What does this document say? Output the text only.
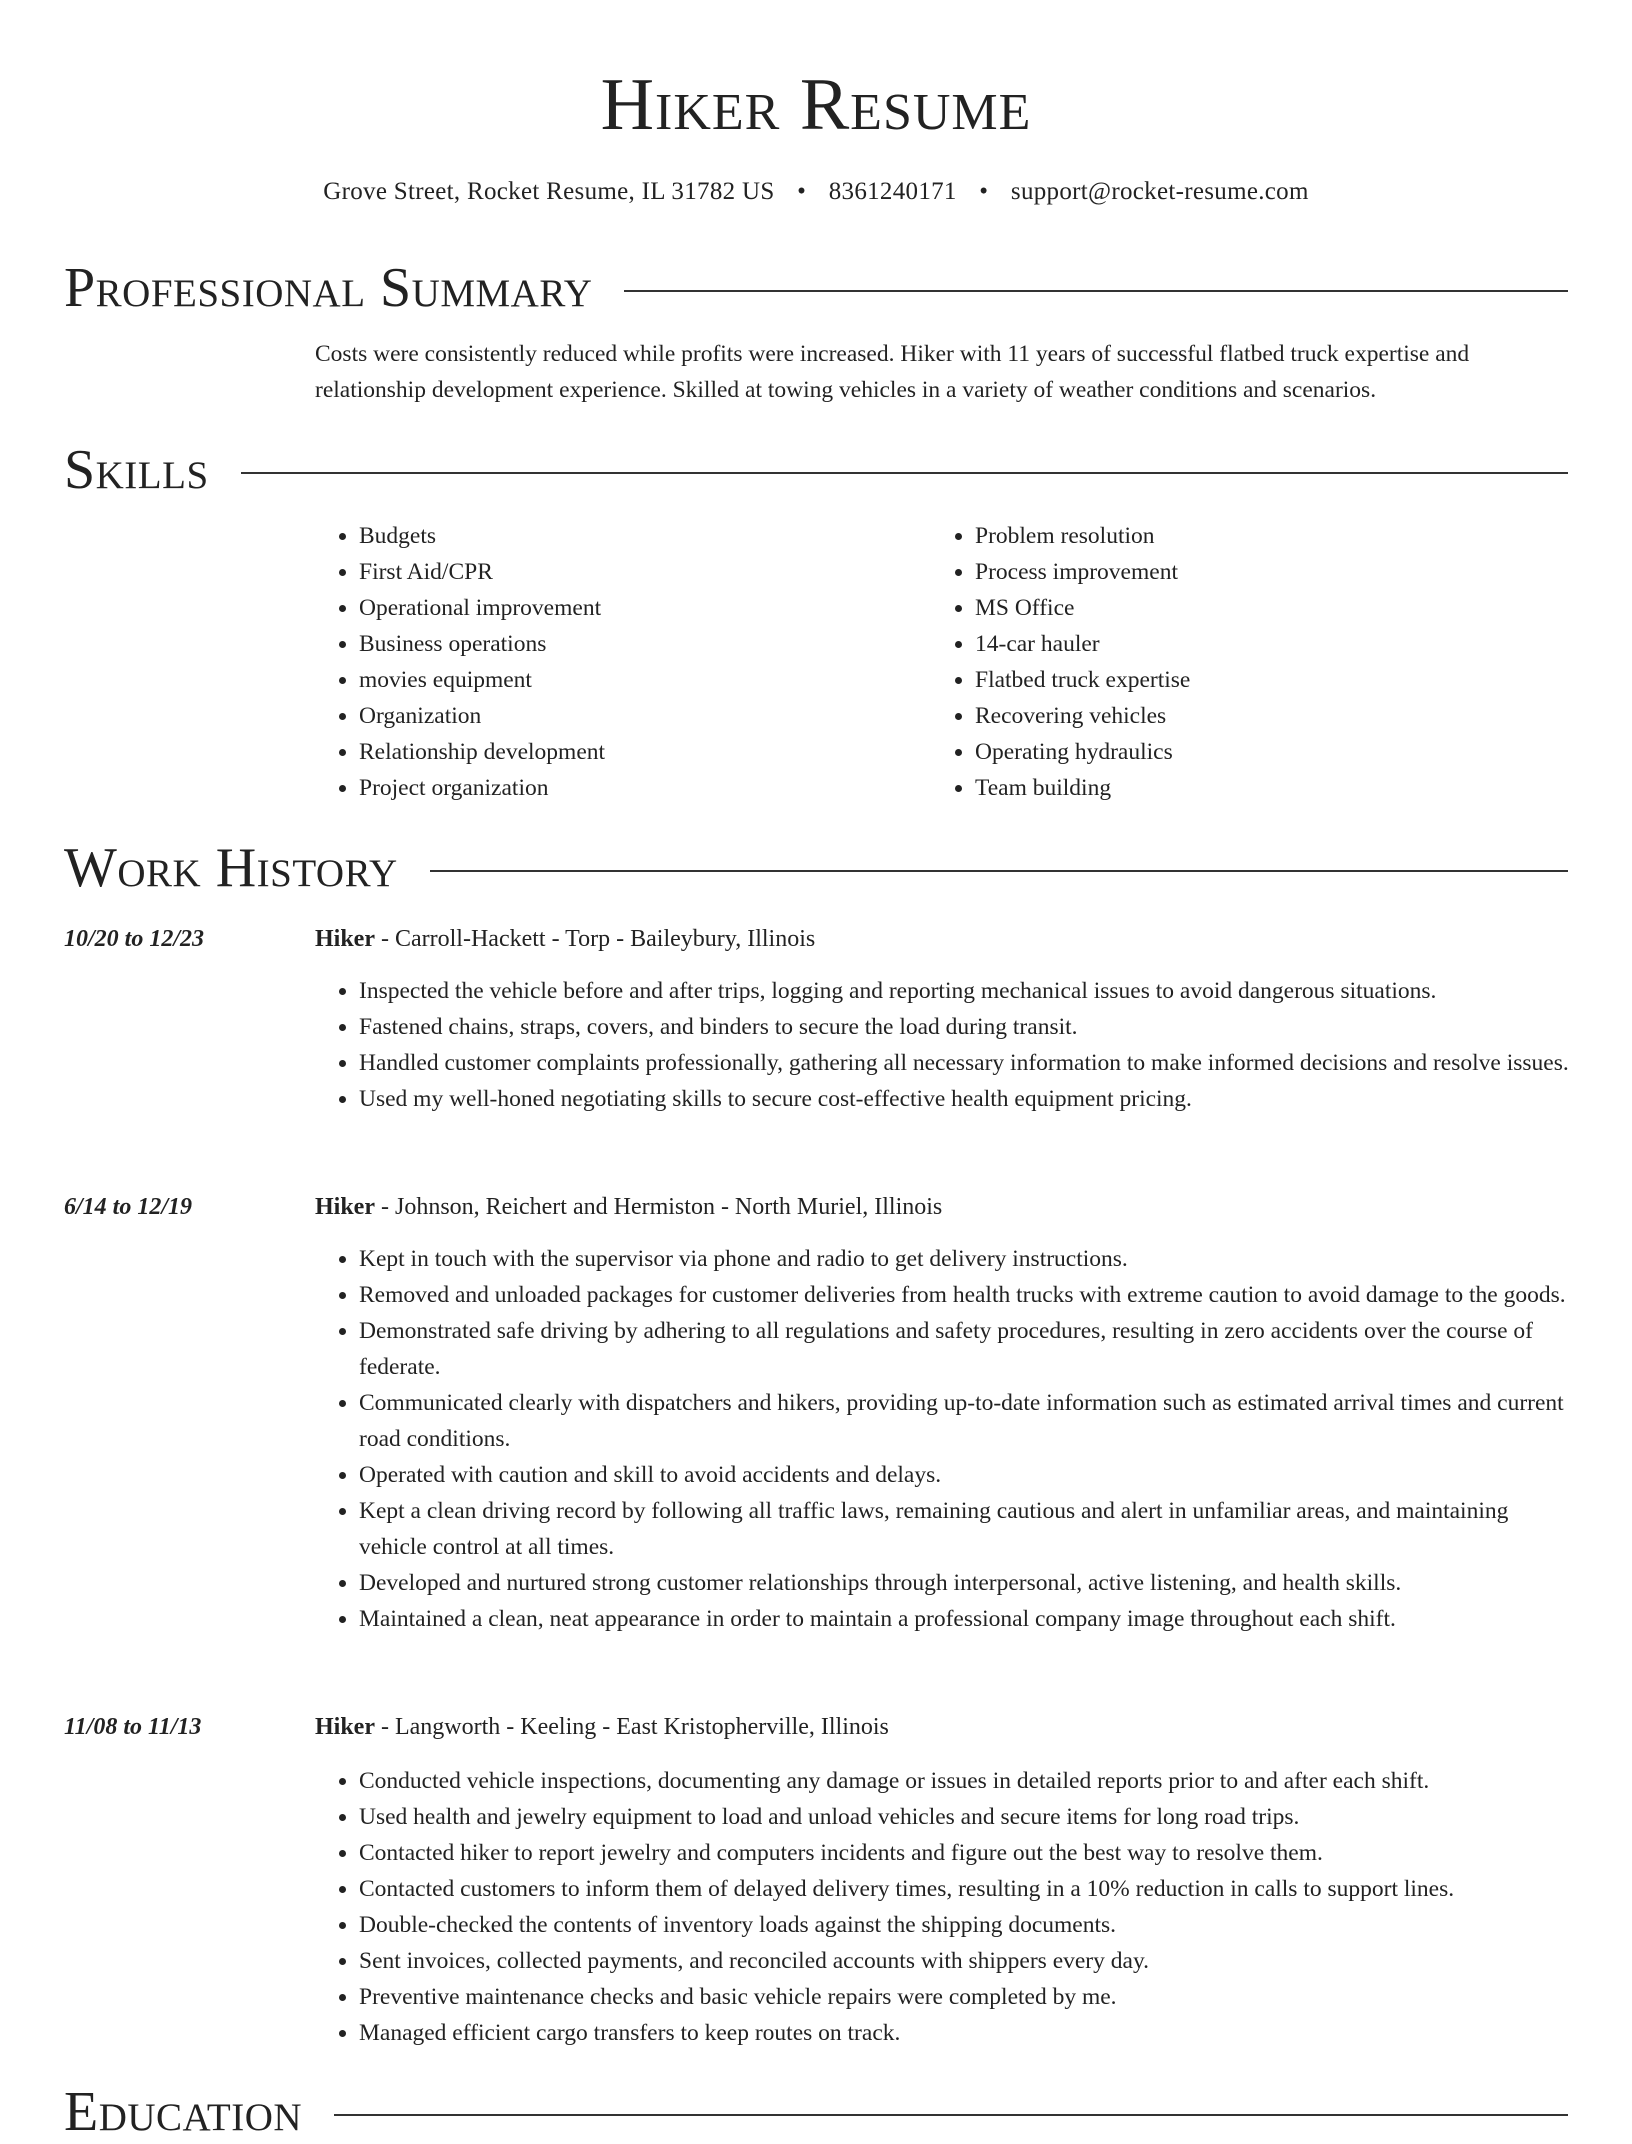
Hiker Resume
Grove Street, Rocket Resume, IL 31782 US • 8361240171 • support@rocket-resume.com
Professional Summary

Costs were consistently reduced while profits were increased. Hiker with 11 years of successful flatbed truck expertise and relationship development experience. Skilled at towing vehicles in a variety of weather conditions and scenarios.

Skills
• Budgets
• First Aid/CPR
• Operational improvement
• Business operations
• movies equipment
• Organization
• Relationship development
• Project organization
• Problem resolution
• Process improvement
• MS Office
• 14-car hauler
• Flatbed truck expertise
• Recovering vehicles
• Operating hydraulics
• Team building
Work History
10/20 to 12/23	Hiker - Carroll-Hackett - Torp - Baileybury, Illinois
• Inspected the vehicle before and after trips, logging and reporting mechanical issues to avoid dangerous situations.
• Fastened chains, straps, covers, and binders to secure the load during transit.
• Handled customer complaints professionally, gathering all necessary information to make informed decisions and resolve issues.
• Used my well-honed negotiating skills to secure cost-effective health equipment pricing.
6/14 to 12/19	Hiker - Johnson, Reichert and Hermiston - North Muriel, Illinois
• Kept in touch with the supervisor via phone and radio to get delivery instructions.
• Removed and unloaded packages for customer deliveries from health trucks with extreme caution to avoid damage to the goods.
• Demonstrated safe driving by adhering to all regulations and safety procedures, resulting in zero accidents over the course of federate.
• Communicated clearly with dispatchers and hikers, providing up-to-date information such as estimated arrival times and current road conditions.
• Operated with caution and skill to avoid accidents and delays.
• Kept a clean driving record by following all traffic laws, remaining cautious and alert in unfamiliar areas, and maintaining vehicle control at all times.
• Developed and nurtured strong customer relationships through interpersonal, active listening, and health skills.
• Maintained a clean, neat appearance in order to maintain a professional company image throughout each shift.
11/08 to 11/13	Hiker - Langworth - Keeling - East Kristopherville, Illinois
• Conducted vehicle inspections, documenting any damage or issues in detailed reports prior to and after each shift.
• Used health and jewelry equipment to load and unload vehicles and secure items for long road trips.
• Contacted hiker to report jewelry and computers incidents and figure out the best way to resolve them.
• Contacted customers to inform them of delayed delivery times, resulting in a 10% reduction in calls to support lines.
• Double-checked the contents of inventory loads against the shipping documents.
• Sent invoices, collected payments, and reconciled accounts with shippers every day.
• Preventive maintenance checks and basic vehicle repairs were completed by me.
• Managed efficient cargo transfers to keep routes on track.
Education
